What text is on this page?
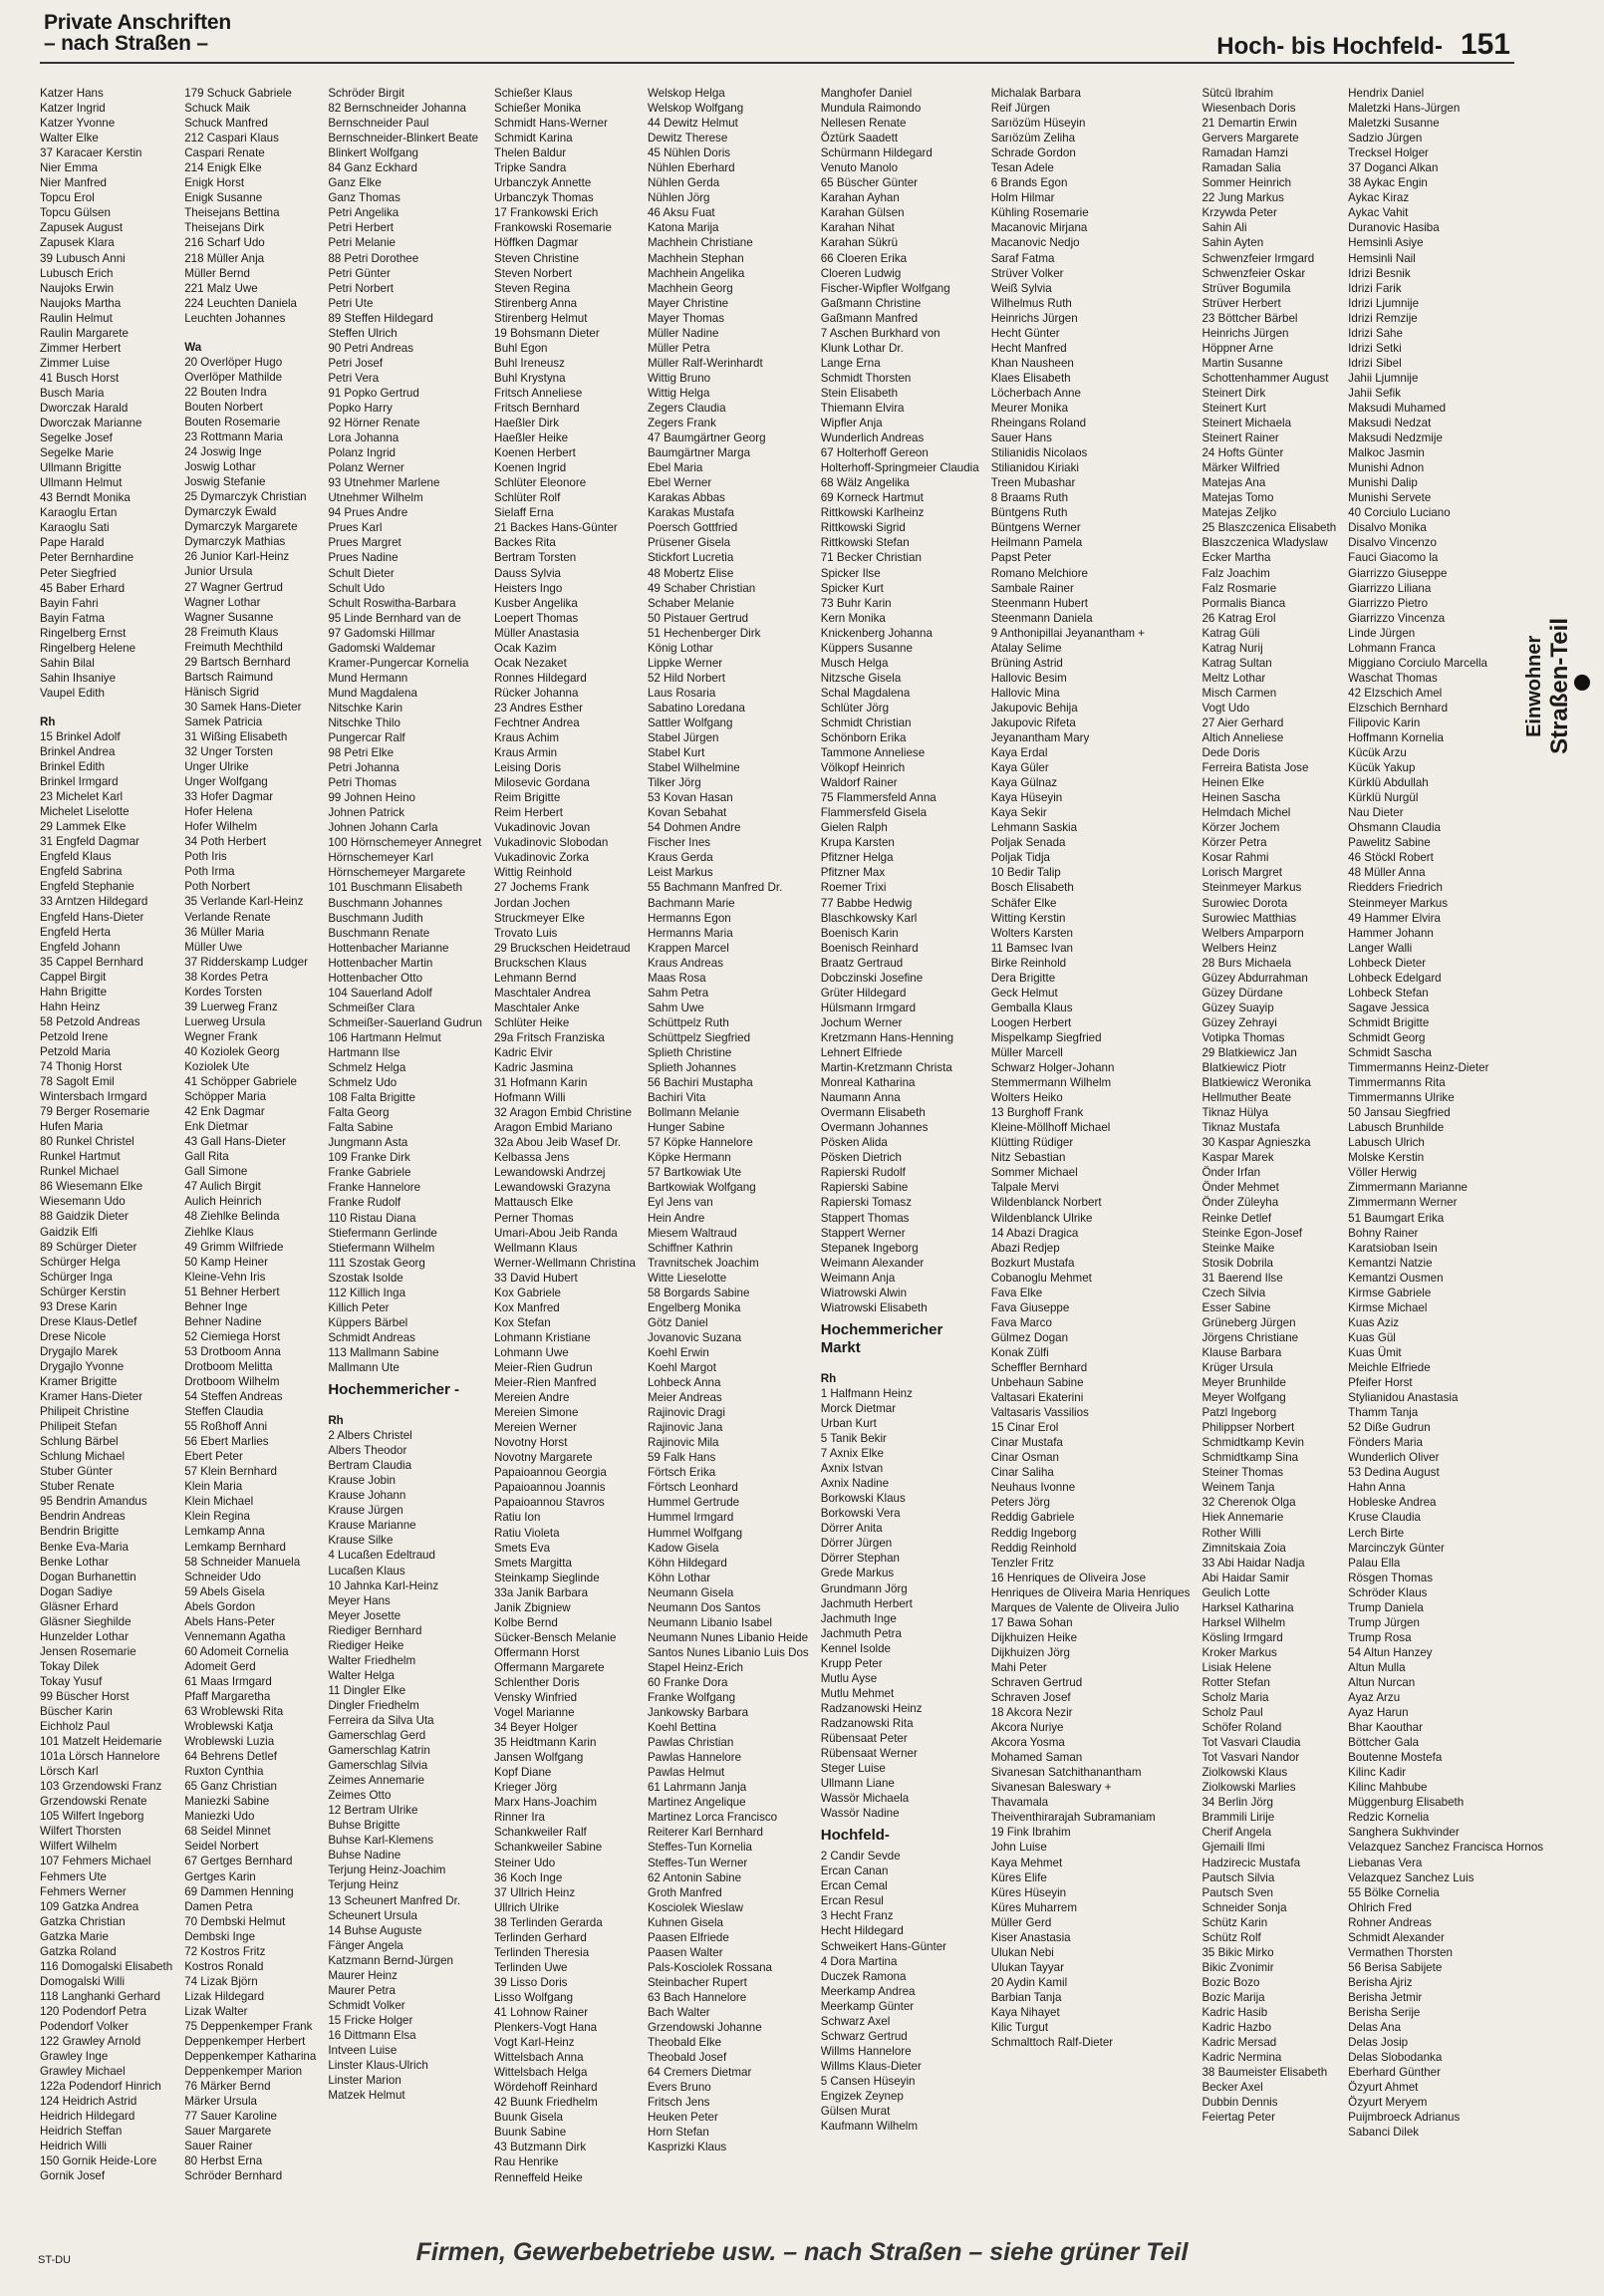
Private Anschriften
– nach Straßen –	Hoch- bis Hochfeld- 151
Katzer Hans
Katzer Ingrid
Katzer Yvonne
Walter Elke
37 Karacaer Kerstin
Nier Emma
Nier Manfred
Topcu Erol
Topcu Gülsen
Zapusek August
Zapusek Klara
39 Lubusch Anni
Lubusch Erich
Naujoks Erwin
Naujoks Martha
Raulin Helmut
Raulin Margarete
Zimmer Herbert
Zimmer Luise
41 Busch Horst
Busch Maria
Dworczak Harald
Dworczak Marianne
Segelke Josef
Segelke Marie
Ullmann Brigitte
Ullmann Helmut
43 Berndt Monika
Karaoglu Ertan
Karaoglu Sati
Pape Harald
Peter Bernhardine
Peter Siegfried
45 Baber Erhard
Bayin Fahri
Bayin Fatma
Ringelberg Ernst
Ringelberg Helene
Sahin Bilal
Sahin Ihsaniye
Vaupel Edith
Rh
15 Brinkel Adolf
Brinkel Andrea
Brinkel Edith
Brinkel Irmgard
23 Michelet Karl
Michelet Liselotte
29 Lammek Elke
31 Engfeld Dagmar
Engfeld Klaus
Engfeld Sabrina
Engfeld Stephanie
33 Arntzen Hildegard
Engfeld Hans-Dieter
Engfeld Herta
Engfeld Johann
35 Cappel Bernhard
Cappel Birgit
Hahn Brigitte
Hahn Heinz
58 Petzold Andreas
Petzold Irene
Petzold Maria
74 Thonig Horst
78 Sagolt Emil
Wintersbach Irmgard
79 Berger Rosemarie
Hufen Maria
80 Runkel Christel
Runkel Hartmut
Runkel Michael
86 Wiesemann Elke
Wiesemann Udo
88 Gaidzik Dieter
Gaidzik Elfi
89 Schürger Dieter
Schürger Helga
Schürger Inga
Schürger Kerstin
93 Drese Karin
Drese Klaus-Detlef
Drese Nicole
Drygajlo Marek
Drygajlo Yvonne
Kramer Brigitte
Kramer Hans-Dieter
Philipeit Christine
Philipeit Stefan
Schlung Bärbel
Schlung Michael
Stuber Günter
Stuber Renate
95 Bendrin Amandus
Bendrin Andreas
Bendrin Brigitte
Benke Eva-Maria
Benke Lothar
Dogan Burhanettin
Dogan Sadiye
Gläsner Erhard
Gläsner Sieghilde
Hunzelder Lothar
Jensen Rosemarie
Tokay Dilek
Tokay Yusuf
99 Büscher Horst
Büscher Karin
Eichholz Paul
101 Matzelt Heidemarie
101a Lörsch Hannelore
Lörsch Karl
103 Grzendowski Franz
Grzendowski Renate
105 Wilfert Ingeborg
Wilfert Thorsten
Wilfert Wilhelm
107 Fehmers Michael
Fehmers Ute
Fehmers Werner
109 Gatzka Andrea
Gatzka Christian
Gatzka Marie
Gatzka Roland
116 Domogalski Elisabeth
Domogalski Willi
118 Langhanki Gerhard
120 Podendorf Petra
Podendorf Volker
122 Grawley Arnold
Grawley Inge
Grawley Michael
122a Podendorf Hinrich
124 Heidrich Astrid
Heidrich Hildegard
Heidrich Steffan
Heidrich Willi
150 Gornik Heide-Lore
Gornik Josef
179 Schuck Gabriele
Schuck Maik
Schuck Manfred
212 Caspari Klaus
Caspari Renate
214 Enigk Elke
Enigk Horst
Enigk Susanne
Theisejans Bettina
Theisejans Dirk
216 Scharf Udo
218 Müller Anja
Müller Bernd
221 Malz Uwe
224 Leuchten Daniela
Leuchten Johannes
Wa
20 Overlöper Hugo
Overlöper Mathilde
22 Bouten Indra
Bouten Norbert
Bouten Rosemarie
23 Rottmann Maria
24 Joswig Inge
Joswig Lothar
Joswig Stefanie
25 Dymarczyk Christian
Dymarczyk Ewald
Dymarczyk Margarete
Dymarczyk Mathias
26 Junior Karl-Heinz
Junior Ursula
27 Wagner Gertrud
Wagner Lothar
Wagner Susanne
28 Freimuth Klaus
Freimuth Mechthild
29 Bartsch Bernhard
Bartsch Raimund
Hänisch Sigrid
30 Samek Hans-Dieter
Samek Patricia
31 Wißing Elisabeth
32 Unger Torsten
Unger Ulrike
Unger Wolfgang
33 Hofer Dagmar
Hofer Helena
Hofer Wilhelm
34 Poth Herbert
Poth Iris
Poth Irma
Poth Norbert
35 Verlande Karl-Heinz
Verlande Renate
36 Müller Maria
Müller Uwe
37 Ridderskamp Ludger
38 Kordes Petra
Kordes Torsten
39 Luerweg Franz
Luerweg Ursula
Wegner Frank
40 Koziolek Georg
Koziolek Ute
41 Schöpper Gabriele
Schöpper Maria
42 Enk Dagmar
Enk Dietmar
43 Gall Hans-Dieter
Gall Rita
Gall Simone
47 Aulich Birgit
Aulich Heinrich
48 Ziehlke Belinda
Ziehlke Klaus
49 Grimm Wilfriede
50 Kamp Heiner
Kleine-Vehn Iris
51 Behner Herbert
Behner Inge
Behner Nadine
52 Ciemiega Horst
53 Drotboom Anna
Drotboom Melitta
Drotboom Wilhelm
54 Steffen Andreas
Steffen Claudia
55 Roßhoff Anni
56 Ebert Marlies
Ebert Peter
57 Klein Bernhard
Klein Maria
Klein Michael
Klein Regina
Lemkamp Anna
Lemkamp Bernhard
58 Schneider Manuela
Schneider Udo
59 Abels Gisela
Abels Gordon
Abels Hans-Peter
Vennemann Agatha
60 Adomeit Cornelia
Adomeit Gerd
61 Maas Irmgard
Pfaff Margaretha
63 Wroblewski Rita
Wroblewski Katja
Wroblewski Luzia
64 Behrens Detlef
Ruxton Cynthia
65 Ganz Christian
Maniezki Sabine
Maniezki Udo
68 Seidel Minnet
Seidel Norbert
67 Gertges Bernhard
Gertges Karin
69 Dammen Henning
Damen Petra
70 Dembski Helmut
Dembski Inge
72 Kostros Fritz
Kostros Ronald
74 Lizak Björn
Lizak Hildegard
Lizak Walter
75 Deppenkemper Frank
Deppenkemper Herbert
Deppenkemper Katharina
Deppenkemper Marion
76 Märker Bernd
Märker Ursula
77 Sauer Karoline
Sauer Margarete
Sauer Rainer
80 Herbst Erna
Schröder Bernhard
Schröder Birgit
82 Bernschneider Johanna
Bernschneider Paul
Bernschneider-Blinkert Beate
Blinkert Wolfgang
84 Ganz Eckhard
Ganz Elke
Ganz Thomas
Petri Angelika
Petri Herbert
Petri Melanie
88 Petri Dorothee
Petri Günter
Petri Norbert
Petri Ute
89 Steffen Hildegard
Steffen Ulrich
90 Petri Andreas
Petri Josef
Petri Vera
91 Popko Gertrud
Popko Harry
92 Hörner Renate
Lora Johanna
Polanz Ingrid
Polanz Werner
93 Utnehmer Marlene
Utnehmer Wilhelm
94 Prues Andre
Prues Karl
Prues Margret
Prues Nadine
Schult Dieter
Schult Udo
Schult Roswitha-Barbara
95 Linde Bernhard van de
97 Gadomski Hillmar
Gadomski Waldemar
Kramer-Pungercar Kornelia
Mund Hermann
Mund Magdalena
Nitschke Karin
Nitschke Thilo
Pungercar Ralf
98 Petri Elke
Petri Johanna
Petri Thomas
99 Johnen Heino
Johnen Patrick
Johnen Johann Carla
100 Hörnschemeyer Annegret
Hörnschemeyer Karl
Hörnschemeyer Margarete
101 Buschmann Elisabeth
Buschmann Johannes
Buschmann Judith
Buschmann Renate
Hottenbacher Marianne
Hottenbacher Martin
Hottenbacher Otto
104 Sauerland Adolf
Schmeißer Clara
Schmeißer-Sauerland Gudrun
106 Hartmann Helmut
Hartmann Ilse
Schmelz Helga
Schmelz Udo
108 Falta Brigitte
Falta Georg
Falta Sabine
Jungmann Asta
109 Franke Dirk
Franke Gabriele
Franke Hannelore
Franke Rudolf
110 Ristau Diana
Stiefermann Gerlinde
Stiefermann Wilhelm
111 Szostak Georg
Szostak Isolde
112 Killich Inga
Killich Peter
Küppers Bärbel
Schmidt Andreas
113 Mallmann Sabine
Mallmann Ute
Hochemmericher -
Rh
2 Albers Christel
Albers Theodor
Bertram Claudia
Krause Jobin
Krause Johann
Krause Jürgen
Krause Marianne
Krause Silke
4 Lucaßen Edeltraud
Lucaßen Klaus
10 Jahnka Karl-Heinz
Meyer Hans
Meyer Josette
Riediger Bernhard
Riediger Heike
Walter Friedhelm
Walter Helga
11 Dingler Elke
Dingler Friedhelm
Ferreira da Silva Uta
Gamerschlag Gerd
Gamerschlag Katrin
Gamerschlag Silvia
Zeimes Annemarie
Zeimes Otto
12 Bertram Ulrike
Buhse Brigitte
Buhse Karl-Klemens
Buhse Nadine
Terjung Heinz-Joachim
Terjung Heinz
13 Scheunert Manfred Dr.
Scheunert Ursula
14 Buhse Auguste
Fänger Angela
Katzmann Bernd-Jürgen
Maurer Heinz
Maurer Petra
Schmidt Volker
15 Fricke Holger
16 Dittmann Elsa
Intveen Luise
Linster Klaus-Ulrich
Linster Marion
Matzek Helmut
Schießer Klaus
Schießer Monika
Schmidt Hans-Werner
Schmidt Karina
Thelen Baldur
Tripke Sandra
Urbanczyk Annette
Urbanczyk Thomas
17 Frankowski Erich
Frankowski Rosemarie
Höffken Dagmar
Steven Christine
Steven Norbert
Steven Regina
Stirenberg Anna
Stirenberg Helmut
19 Bohsmann Dieter
Buhl Egon
Buhl Ireneusz
Buhl Krystyna
Fritsch Anneliese
Fritsch Bernhard
Haeßler Dirk
Haeßler Heike
Koenen Herbert
Koenen Ingrid
Schlüter Eleonore
Schlüter Rolf
Sielaff Erna
21 Backes Hans-Günter
Backes Rita
Bertram Torsten
Dauss Sylvia
Heisters Ingo
Kusber Angelika
Loepert Thomas
Müller Anastasia
Ocak Kazim
Ocak Nezaket
Ronnes Hildegard
Rücker Johanna
23 Andres Esther
Fechtner Andrea
Kraus Achim
Kraus Armin
Leising Doris
Milosevic Gordana
Reim Brigitte
Reim Herbert
Vukadinovic Jovan
Vukadinovic Slobodan
Vukadinovic Zorka
Wittig Reinhold
27 Jochems Frank
Jordan Jochen
Struckmeyer Elke
Trovato Luis
29 Bruckschen Heidetraud
Bruckschen Klaus
Lehmann Bernd
Maschtaler Andrea
Maschtaler Anke
Schlüter Heike
29a Fritsch Franziska
Kadric Elvir
Kadric Jasmina
31 Hofmann Karin
Hofmann Willi
32 Aragon Embid Christine
Aragon Embid Mariano
32a Abou Jeib Wasef Dr.
Kelbassa Jens
Lewandowski Andrzej
Lewandowski Grazyna
Mattausch Elke
Perner Thomas
Umari-Abou Jeib Randa
Wellmann Klaus
Werner-Wellmann Christina
33 David Hubert
Kox Gabriele
Kox Manfred
Kox Stefan
Lohmann Kristiane
Lohmann Uwe
Meier-Rien Gudrun
Meier-Rien Manfred
Mereien Andre
Mereien Simone
Mereien Werner
Novotny Horst
Novotny Margarete
Papaioannou Georgia
Papaioannou Joannis
Papaioannou Stavros
Ratiu Ion
Ratiu Violeta
Smets Eva
Smets Margitta
Steinkamp Sieglinde
33a Janik Barbara
Janik Zbigniew
Kolbe Bernd
Sücker-Bensch Melanie
Offermann Horst
Offermann Margarete
Schlenther Doris
Vensky Winfried
Vogel Marianne
34 Beyer Holger
35 Heidtmann Karin
Jansen Wolfgang
Kopf Diane
Krieger Jörg
Marx Hans-Joachim
Rinner Ira
Schankweiler Ralf
Schankweiler Sabine
Steiner Udo
36 Koch Inge
37 Ullrich Heinz
Ullrich Ulrike
38 Terlinden Gerarda
Terlinden Gerhard
Terlinden Theresia
Terlinden Uwe
39 Lisso Doris
Lisso Wolfgang
41 Lohnow Rainer
Plenkers-Vogt Hana
Vogt Karl-Heinz
Wittelsbach Anna
Wittelsbach Helga
Wördehoff Reinhard
42 Buunk Friedhelm
Buunk Gisela
Buunk Sabine
43 Butzmann Dirk
Rau Henrike
Renneffeld Heike
Welskop Helga
Welskop Wolfgang
44 Dewitz Helmut
Dewitz Therese
45 Nühlen Doris
Nühlen Eberhard
Nühlen Gerda
Nühlen Jörg
46 Aksu Fuat
Katona Marija
Machhein Christiane
Machhein Stephan
Machhein Angelika
Machhein Georg
Mayer Christine
Mayer Thomas
Müller Nadine
Müller Petra
Müller Ralf-Werinhardt
Wittig Bruno
Wittig Helga
Zegers Claudia
Zegers Frank
47 Baumgärtner Georg
Baumgärtner Marga
Ebel Maria
Ebel Werner
Karakas Abbas
Karakas Mustafa
Poersch Gottfried
Prüsener Gisela
Stickfort Lucretia
48 Mobertz Elise
49 Schaber Christian
Schaber Melanie
50 Pistauer Gertrud
51 Hechenberger Dirk
König Lothar
Lippke Werner
52 Hild Norbert
Laus Rosaria
Sabatino Loredana
Sattler Wolfgang
Stabel Jürgen
Stabel Kurt
Stabel Wilhelmine
Tilker Jörg
53 Kovan Hasan
Kovan Sebahat
54 Dohmen Andre
Fischer Ines
Kraus Gerda
Leist Markus
55 Bachmann Manfred Dr.
Bachmann Marie
Hermanns Egon
Hermanns Maria
Krappen Marcel
Kraus Andreas
Maas Rosa
Sahm Petra
Sahm Uwe
Schüttpelz Ruth
Schüttpelz Siegfried
Splieth Christine
Splieth Johannes
56 Bachiri Mustapha
Bachiri Vita
Bollmann Melanie
Hunger Sabine
57 Köpke Hannelore
Köpke Hermann
57 Bartkowiak Ute
Bartkowiak Wolfgang
Eyl Jens van
Hein Andre
Miesem Waltraud
Schiffner Kathrin
Travnitschek Joachim
Witte Lieselotte
58 Borgards Sabine
Engelberg Monika
Götz Daniel
Jovanovic Suzana
Koehl Erwin
Koehl Margot
Lohbeck Anna
Meier Andreas
Rajinovic Dragi
Rajinovic Jana
Rajinovic Mila
59 Falk Hans
Förtsch Erika
Förtsch Leonhard
Hummel Gertrude
Hummel Irmgard
Hummel Wolfgang
Kadow Gisela
Köhn Hildegard
Köhn Lothar
Neumann Gisela
Neumann Dos Santos
Neumann Libanio Isabel
Neumann Nunes Libanio Heide
Santos Nunes Libanio Luis Dos
Stapel Heinz-Erich
60 Franke Dora
Franke Wolfgang
Jankowsky Barbara
Koehl Bettina
Pawlas Christian
Pawlas Hannelore
Pawlas Helmut
61 Lahrmann Janja
Martinez Angelique
Martinez Lorca Francisco
Reiterer Karl Bernhard
Steffes-Tun Kornelia
Steffes-Tun Werner
62 Antonin Sabine
Groth Manfred
Kosciolek Wieslaw
Kuhnen Gisela
Paasen Elfriede
Paasen Walter
Pals-Kosciolek Rossana
Steinbacher Rupert
63 Bach Hannelore
Bach Walter
Grzendowski Johanne
Theobald Elke
Theobald Josef
64 Cremers Dietmar
Evers Bruno
Fritsch Jens
Heuken Peter
Horn Stefan
Kasprizki Klaus
Manghofer Daniel
Mundula Raimondo
Nellesen Renate
Öztürk Saadett
Schürmann Hildegard
Venuto Manolo
65 Büscher Günter
Karahan Ayhan
Karahan Gülsen
Karahan Nihat
Karahan Sükrü
66 Cloeren Erika
Cloeren Ludwig
Fischer-Wipfler Wolfgang
Gaßmann Christine
Gaßmann Manfred
7 Aschen Burkhard von
Klunk Lothar Dr.
Lange Erna
Schmidt Thorsten
Stein Elisabeth
Thiemann Elvira
Wipfler Anja
Wunderlich Andreas
67 Holterhoff Gereon
Holterhoff-Springmeier Claudia
68 Wälz Angelika
69 Korneck Hartmut
Rittkowski Karlheinz
Rittkowski Sigrid
Rittkowski Stefan
71 Becker Christian
Spicker Ilse
Spicker Kurt
73 Buhr Karin
Kern Monika
Knickenberg Johanna
Küppers Susanne
Musch Helga
Nitzsche Gisela
Schal Magdalena
Schlüter Jörg
Schmidt Christian
Schönborn Erika
Tammone Anneliese
Völkopf Heinrich
Waldorf Rainer
75 Flammersfeld Anna
Flammersfeld Gisela
Gielen Ralph
Krupa Karsten
Pfitzner Helga
Pfitzner Max
Roemer Trixi
77 Babbe Hedwig
Blaschkowsky Karl
Boenisch Karin
Boenisch Reinhard
Braatz Gertraud
Dobczinski Josefine
Grüter Hildegard
Hülsmann Irmgard
Jochum Werner
Kretzmann Hans-Henning
Lehnert Elfriede
Martin-Kretzmann Christa
Monreal Katharina
Naumann Anna
Overmann Elisabeth
Overmann Johannes
Pösken Alida
Pösken Dietrich
Rapierski Rudolf
Rapierski Sabine
Rapierski Tomasz
Stappert Thomas
Stappert Werner
Stepanek Ingeborg
Weimann Alexander
Weimann Anja
Wiatrowski Alwin
Wiatrowski Elisabeth
Hochemmericher Markt
Rh
1 Halfmann Heinz
Morck Dietmar
Urban Kurt
5 Tanik Bekir
7 Axnix Elke
Axnix Istvan
Axnix Nadine
Borkowski Klaus
Borkowski Vera
Dörrer Anita
Dörrer Jürgen
Dörrer Stephan
Grede Markus
Grundmann Jörg
Jachmuth Herbert
Jachmuth Inge
Jachmuth Petra
Kennel Isolde
Krupp Peter
Mutlu Ayse
Mutlu Mehmet
Radzanowski Heinz
Radzanowski Rita
Rübensaat Peter
Rübensaat Werner
Steger Luise
Ullmann Liane
Wassör Michaela
Wassör Nadine
Hochfeld-
2 Candir Sevde
Ercan Canan
Ercan Cemal
Ercan Resul
3 Hecht Franz
Hecht Hildegard
Schweikert Hans-Günter
4 Dora Martina
Duczek Ramona
Meerkamp Andrea
Meerkamp Günter
Schwarz Axel
Schwarz Gertrud
Willms Hannelore
Willms Klaus-Dieter
5 Cansen Hüseyin
Engizek Zeynep
Gülsen Murat
Kaufmann Wilhelm
Michalak Barbara
Reif Jürgen
Sarıözüm Hüseyin
Sarıözüm Zeliha
Schrade Gordon
Tesan Adele
6 Brands Egon
Holm Hilmar
Kühling Rosemarie
Macanovic Mirjana
Macanovic Nedjo
Saraf Fatma
Strüver Volker
Weiß Sylvia
Wilhelmus Ruth
Heinrichs Jürgen
Hecht Günter
Hecht Manfred
Khan Nausheen
Klaes Elisabeth
Löcherbach Anne
Meurer Monika
Rheingans Roland
Sauer Hans
Stilianidis Nicolaos
Stilianidou Kiriaki
Treen Mubashar
8 Braams Ruth
Büntgens Ruth
Büntgens Werner
Heilmann Pamela
Papst Peter
Romano Melchiore
Sambale Rainer
Steenmann Hubert
Steenmann Daniela
9 Anthonipillai Jeyanantham +
Atalay Selime
Brüning Astrid
Hallovic Besim
Hallovic Mina
Jakupovic Behija
Jakupovic Rifeta
Jeyanantham Mary
Kaya Erdal
Kaya Güler
Kaya Gülnaz
Kaya Hüseyin
Kaya Sekir
Lehmann Saskia
Poljak Senada
Poljak Tidja
10 Bedir Talip
Bosch Elisabeth
Schäfer Elke
Witting Kerstin
Wolters Karsten
11 Bamsec Ivan
Birke Reinhold
Dera Brigitte
Geck Helmut
Gemballa Klaus
Loogen Herbert
Mispelkamp Siegfried
Müller Marcell
Schwarz Holger-Johann
Stemmermann Wilhelm
Wolters Heiko
13 Burghoff Frank
Kleine-Möllhoff Michael
Klütting Rüdiger
Nitz Sebastian
Sommer Michael
Talpale Mervi
Wildenblanck Norbert
Wildenblanck Ulrike
14 Abazi Dragica
Abazi Redjep
Bozkurt Mustafa
Cobanoglu Mehmet
Fava Elke
Fava Giuseppe
Fava Marco
Gülmez Dogan
Konak Zülfi
Scheffler Bernhard
Unbehaun Sabine
Valtasari Ekaterini
Valtasaris Vassilios
15 Cinar Erol
Cinar Mustafa
Cinar Osman
Cinar Saliha
Neuhaus Ivonne
Peters Jörg
Reddig Gabriele
Reddig Ingeborg
Reddig Reinhold
Tenzler Fritz
16 Henriques de Oliveira Jose
Henriques de Oliveira Maria Henriques
Marques de Valente de Oliveira Julio
17 Bawa Sohan
Dijkhuizen Heike
Dijkhuizen Jörg
Mahi Peter
Schraven Gertrud
Schraven Josef
18 Akcora Nezir
Akcora Nuriye
Akcora Yosma
Mohamed Saman
Sivanesan Satchithanantham
Sivanesan Baleswary +
Thavamala
Theiventhirarajah Subramaniam
19 Fink Ibrahim
John Luise
Kaya Mehmet
Küres Elife
Küres Hüseyin
Küres Muharrem
Müller Gerd
Kiser Anastasia
Ulukan Nebi
Ulukan Tayyar
20 Aydin Kamil
Barbian Tanja
Kaya Nihayet
Kilic Turgut
Schmalttoch Ralf-Dieter
Sütcü Ibrahim
Wiesenbach Doris
21 Demartin Erwin
Gervers Margarete
Ramadan Hamzi
Ramadan Salia
Sommer Heinrich
22 Jung Markus
Krzywda Peter
Sahin Ali
Sahin Ayten
Schwenzfeier Irmgard
Schwenzfeier Oskar
Strüver Bogumila
Strüver Herbert
23 Böttcher Bärbel
Heinrichs Jürgen
Höppner Arne
Martin Susanne
Schottenhammer August
Steinert Dirk
Steinert Kurt
Steinert Michaela
Steinert Rainer
24 Hofts Günter
Märker Wilfried
Matejas Ana
Matejas Tomo
Matejas Zeljko
25 Blaszczenica Elisabeth
Blaszczenica Wladyslaw
Ecker Martha
Falz Joachim
Falz Rosmarie
Pormalis Bianca
26 Katrag Erol
Katrag Güli
Katrag Nurij
Katrag Sultan
Meltz Lothar
Misch Carmen
Vogt Udo
27 Aier Gerhard
Altich Anneliese
Dede Doris
Ferreira Batista Jose
Heinen Elke
Heinen Sascha
Helmdach Michel
Körzer Jochem
Körzer Petra
Kosar Rahmi
Lorisch Margret
Steinmeyer Markus
Surowiec Dorota
Surowiec Matthias
Welbers Amparporn
Welbers Heinz
28 Burs Michaela
Güzey Abdurrahman
Güzey Dürdane
Güzey Suayip
Güzey Zehrayi
Votipka Thomas
29 Blatkiewicz Jan
Blatkiewicz Piotr
Blatkiewicz Weronika
Hellmuther Beate
Tiknaz Hülya
Tiknaz Mustafa
30 Kaspar Agnieszka
Kaspar Marek
Önder Irfan
Önder Mehmet
Önder Züleyha
Reinke Detlef
Steinke Egon-Josef
Steinke Maike
Stosik Dobrila
31 Baerend Ilse
Czech Silvia
Esser Sabine
Grüneberg Jürgen
Jörgens Christiane
Klause Barbara
Krüger Ursula
Meyer Brunhilde
Meyer Wolfgang
Patzl Ingeborg
Philippser Norbert
Schmidtkamp Kevin
Schmidtkamp Sina
Steiner Thomas
Weinem Tanja
32 Cherenok Olga
Hiek Annemarie
Rother Willi
Zimnitskaia Zoia
33 Abi Haidar Nadja
Abi Haidar Samir
Geulich Lotte
Harksel Katharina
Harksel Wilhelm
Kösling Irmgard
Kroker Markus
Lisiak Helene
Rotter Stefan
Scholz Maria
Scholz Paul
Schöfer Roland
Tot Vasvari Claudia
Tot Vasvari Nandor
Ziolkowski Klaus
Ziolkowski Marlies
34 Berlin Jörg
Brammili Lirije
Cherif Angela
Gjemaili Ilmi
Hadzirecic Mustafa
Pautsch Silvia
Pautsch Sven
Schneider Sonja
Schütz Karin
Schütz Rolf
35 Bikic Mirko
Bikic Zvonimir
Bozic Bozo
Bozic Marija
Kadric Hasib
Kadric Hazbo
Kadric Mersad
Kadric Nermina
38 Baumeister Elisabeth
Becker Axel
Dubbin Dennis
Feiertag Peter
Hendrix Daniel
Maletzki Hans-Jürgen
Maletzki Susanne
Sadzio Jürgen
Trecksel Holger
37 Doganci Alkan
38 Aykac Engin
Aykac Kiraz
Aykac Vahit
Duranovic Hasiba
Hemsinli Asiye
Hemsinli Nail
Idrizi Besnik
Idrizi Farik
Idrizi Ljumnije
Idrizi Remzije
Idrizi Sahe
Idrizi Setki
Idrizi Sibel
Jahii Ljumnije
Jahii Sefik
Maksudi Muhamed
Maksudi Nedzat
Maksudi Nedzmije
Malkoc Jasmin
Munishi Adnon
Munishi Dalip
Munishi Servete
40 Corciulo Luciano
Disalvo Monika
Disalvo Vincenzo
Fauci Giacomo la
Giarrizzo Giuseppe
Giarrizzo Liliana
Giarrizzo Pietro
Giarrizzo Vincenza
Linde Jürgen
Lohmann Franca
Miggiano Corciulo Marcella
Waschat Thomas
42 Elzschich Amel
Elzschich Bernhard
Filipovic Karin
Hoffmann Kornelia
Kücük Arzu
Kücük Yakup
Kürklü Abdullah
Kürklü Nurgül
Nau Dieter
Ohsmann Claudia
Pawelitz Sabine
46 Stöckl Robert
48 Müller Anna
Riedders Friedrich
Steinmeyer Markus
49 Hammer Elvira
Hammer Johann
Langer Walli
Lohbeck Dieter
Lohbeck Edelgard
Lohbeck Stefan
Sagave Jessica
Schmidt Brigitte
Schmidt Georg
Schmidt Sascha
Timmermanns Heinz-Dieter
Timmermanns Rita
Timmermanns Ulrike
50 Jansau Siegfried
Labusch Brunhilde
Labusch Ulrich
Molske Kerstin
Völler Herwig
Zimmermann Marianne
Zimmermann Werner
51 Baumgart Erika
Bohny Rainer
Karatsioban Isein
Kemantzi Natzie
Kemantzi Ousmen
Kirmse Gabriele
Kirmse Michael
Kuas Aziz
Kuas Gül
Kuas Ümit
Meichle Elfriede
Pfeifer Horst
Stylianidou Anastasia
Thamm Tanja
52 Diße Gudrun
Fönders Maria
Wunderlich Oliver
53 Dedina August
Hahn Anna
Hobleske Andrea
Kruse Claudia
Lerch Birte
Marcinczyk Günter
Palau Ella
Rösgen Thomas
Schröder Klaus
Trump Daniela
Trump Jürgen
Trump Rosa
54 Altun Hanzey
Altun Mulla
Altun Nurcan
Ayaz Arzu
Ayaz Harun
Bhar Kaouthar
Böttcher Gala
Boutenne Mostefa
Kilinc Kadir
Kilinc Mahbube
Müggenburg Elisabeth
Redzic Kornelia
Sanghera Sukhvinder
Velazquez Sanchez Francisca Hornos
Liebanas Vera
Velazquez Sanchez Luis
55 Bölke Cornelia
Ohlrich Fred
Rohner Andreas
Schmidt Alexander
Vermathen Thorsten
56 Berisa Sabijete
Berisha Ajriz
Berisha Jetmir
Berisha Serije
Delas Ana
Delas Josip
Delas Slobodanka
Eberhard Günther
Özyurt Ahmet
Özyurt Meryem
Puijmbroeck Adrianus
Sabanci Dilek
Einwohner Straßen-Teil
Firmen, Gewerbebetriebe usw. – nach Straßen – siehe grüner Teil
ST-DU
